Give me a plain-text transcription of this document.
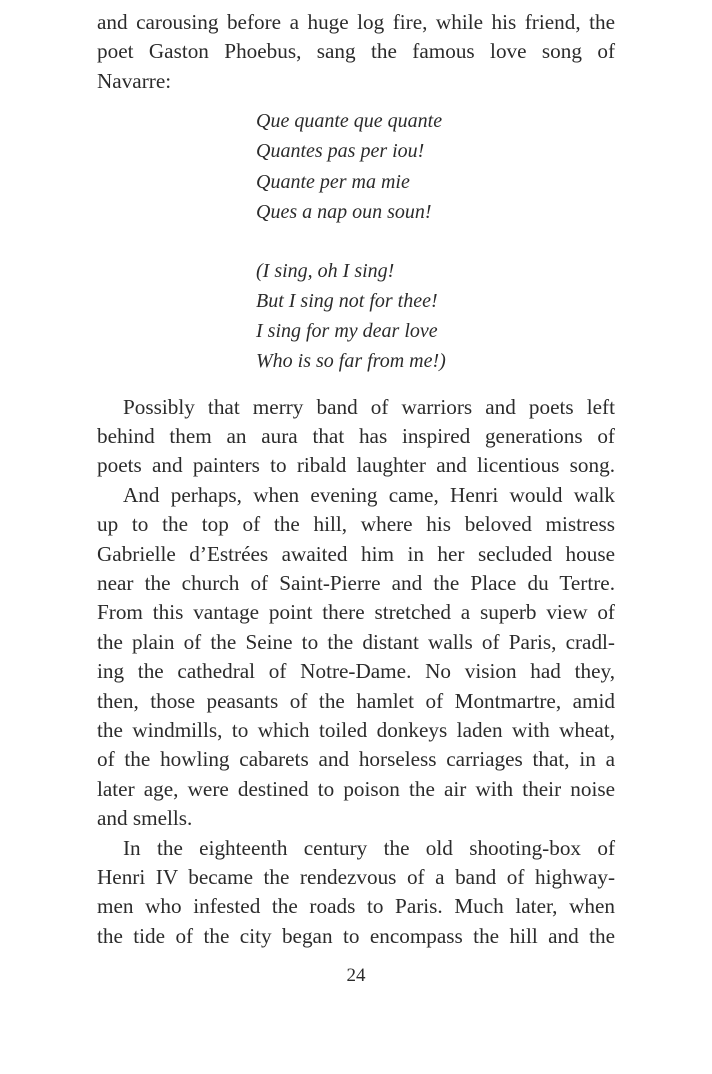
and carousing before a huge log fire, while his friend, the
poet Gaston Phoebus, sang the famous love song of
Navarre:
Que quante que quante
Quantes pas per iou!
Quante per ma mie
Ques a nap oun soun!
(I sing, oh I sing!
But I sing not for thee!
I sing for my dear love
Who is so far from me!)
Possibly that merry band of warriors and poets left
behind them an aura that has inspired generations of
poets and painters to ribald laughter and licentious song.
And perhaps, when evening came, Henri would walk
up to the top of the hill, where his beloved mistress
Gabrielle d’Estrées awaited him in her secluded house
near the church of Saint-Pierre and the Place du Tertre.
From this vantage point there stretched a superb view of
the plain of the Seine to the distant walls of Paris, cradl-
ing the cathedral of Notre-Dame. No vision had they,
then, those peasants of the hamlet of Montmartre, amid
the windmills, to which toiled donkeys laden with wheat,
of the howling cabarets and horseless carriages that, in a
later age, were destined to poison the air with their noise
and smells.
In the eighteenth century the old shooting-box of
Henri IV became the rendezvous of a band of highway-
men who infested the roads to Paris. Much later, when
the tide of the city began to encompass the hill and the
24
